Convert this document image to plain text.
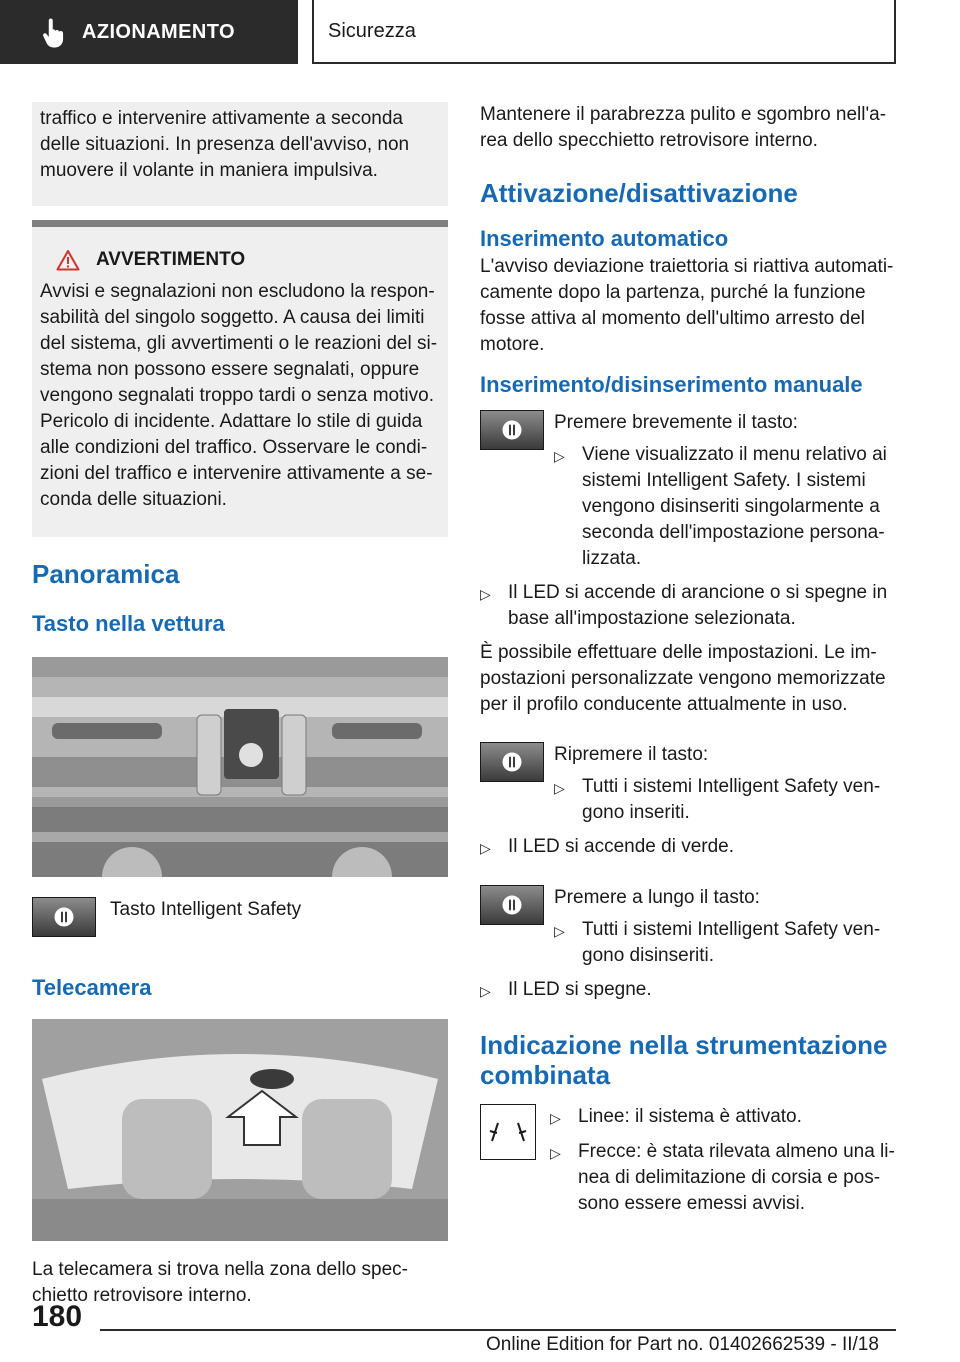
AZIONAMENTO	Sicurezza

traffico e intervenire attivamente a seconda delle situazioni. In presenza dell'avviso, non muovere il volante in maniera impulsiva.

AVVERTIMENTO

Avvisi e segnalazioni non escludono la responsabilità del singolo soggetto. A causa dei limiti del sistema, gli avvertimenti o le reazioni del sistema non possono essere segnalati, oppure vengono segnalati troppo tardi o senza motivo. Pericolo di incidente. Adattare lo stile di guida alle condizioni del traffico. Osservare le condizioni del traffico e intervenire attivamente a seconda delle situazioni.

Panoramica
Tasto nella vettura

Tasto Intelligent Safety

Telecamera

La telecamera si trova nella zona dello specchietto retrovisore interno.

Mantenere il parabrezza pulito e sgombro nell'area dello specchietto retrovisore interno.

Attivazione/disattivazione
Inserimento automatico

L'avviso deviazione traiettoria si riattiva automaticamente dopo la partenza, purché la funzione fosse attiva al momento dell'ultimo arresto del motore.

Inserimento/disinserimento manuale

Premere brevemente il tasto:

▷ Viene visualizzato il menu relativo ai sistemi Intelligent Safety. I sistemi vengono disinseriti singolarmente a seconda dell'impostazione personalizzata.
▷ Il LED si accende di arancione o si spegne in base all'impostazione selezionata.

È possibile effettuare delle impostazioni. Le impostazioni personalizzate vengono memorizzate per il profilo conducente attualmente in uso.

Ripremere il tasto:

▷ Tutti i sistemi Intelligent Safety vengono inseriti.
▷ Il LED si accende di verde.

Premere a lungo il tasto:

▷ Tutti i sistemi Intelligent Safety vengono disinseriti.
▷ Il LED si spegne.
Indicazione nella strumentazione combinata
▷ Linee: il sistema è attivato.
▷ Frecce: è stata rilevata almeno una linea di delimitazione di corsia e possono essere emessi avvisi.
180
Online Edition for Part no. 01402662539 - II/18
